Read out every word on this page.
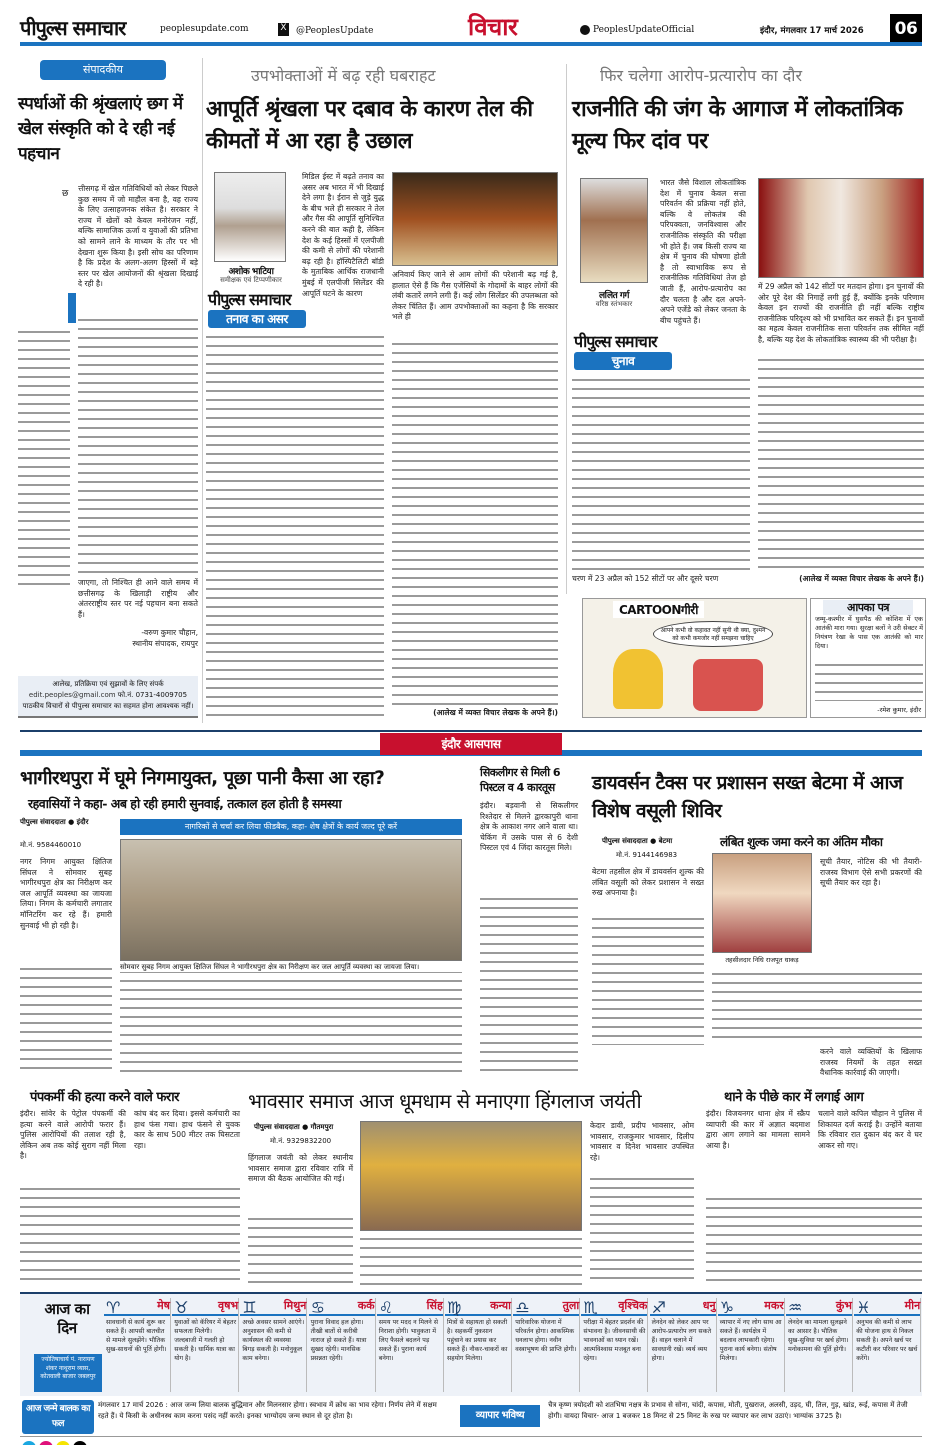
पीपुल्स समाचार	peoplesupdate.com	X @PeoplesUpdate	विचार	PeoplesUpdateOfficial	इंदौर, मंगलवार 17 मार्च 2026 06
संपादकीय
स्पर्धाओं की श्रृंखलाएं छग में खेल संस्कृति को दे रही नई पहचान
छ
त्तीसगढ़ में खेल गतिविधियों को लेकर पिछले कुछ समय में जो माहौल बना है, वह राज्य के लिए उत्साहजनक संकेत है। सरकार ने राज्य में खेलों को केवल मनोरंजन नहीं, बल्कि सामाजिक ऊर्जा व युवाओं की प्रतिभा को सामने लाने के माध्यम के तौर पर भी देखना शुरू किया है। इसी सोच का परिणाम है कि प्रदेश के अलग-अलग हिस्सों में बड़े स्तर पर खेल आयोजनों की श्रृंखला दिखाई दे रही है।
जाएगा, तो निश्चित ही आने वाले समय में छत्तीसगढ़ के खिलाड़ी राष्ट्रीय और अंतरराष्ट्रीय स्तर पर नई पहचान बना सकते हैं।
-वरुण कुमार चौहान,
स्थानीय संपादक, रायपुर
आलेख, प्रतिक्रिया एवं सुझावों के लिए संपर्क
edit.peoples@gmail.com फो.नं. 0731-4009705
पाठकीय विचारों से पीपुल्स समाचार का सहमत होना आवश्यक नहीं।
उपभोक्ताओं में बढ़ रही घबराहट
आपूर्ति श्रृंखला पर दबाव के कारण तेल की कीमतों में आ रहा है उछाल
अशोक भाटिया
समीक्षक एवं टिप्पणीकार
पीपुल्स समाचार
तनाव का असर
मिडिल ईस्ट में बढ़ते तनाव का असर अब भारत में भी दिखाई देने लगा है। ईरान से जुड़े युद्ध के बीच भले ही सरकार ने तेल और गैस की आपूर्ति सुनिश्चित करने की बात कही है, लेकिन देश के कई हिस्सों में एलपीजी की कमी से लोगों की परेशानी बढ़ रही है। हॉस्पिटैलिटी बॉडी के मुताबिक आर्थिक राजधानी मुंबई में एलपीजी सिलेंडर की आपूर्ति घटने के कारण
अनिवार्य किए जाने से आम लोगों की परेशानी बढ़ गई है, हालात ऐसे हैं कि गैस एजेंसियों के गोदामों के बाहर लोगों की लंबी कतारें लगने लगी हैं। कई लोग सिलेंडर की उपलब्धता को लेकर चिंतित हैं। आम उपभोक्ताओं का कहना है कि सरकार भले ही
(आलेख में व्यक्त विचार लेखक के अपने हैं।)
फिर चलेगा आरोप-प्रत्यारोप का दौर
राजनीति की जंग के आगाज में लोकतांत्रिक मूल्य फिर दांव पर
ललित गर्ग
वरिष्ठ स्तंभकार
पीपुल्स समाचार
चुनाव
भारत जैसे विशाल लोकतांत्रिक देश में चुनाव केवल सत्ता परिवर्तन की प्रक्रिया नहीं होते, बल्कि वे लोकतंत्र की परिपक्वता, जनविश्वास और राजनीतिक संस्कृति की परीक्षा भी होते हैं। जब किसी राज्य या क्षेत्र में चुनाव की घोषणा होती है तो स्वाभाविक रूप से राजनीतिक गतिविधियां तेज हो जाती हैं, आरोप-प्रत्यारोप का दौर चलता है और दल अपने-अपने एजेंडे को लेकर जनता के बीच पहुंचते हैं।
में 29 अप्रैल को 142 सीटों पर मतदान होगा। इन चुनावों की ओर पूरे देश की निगाहें लगी हुई हैं, क्योंकि इनके परिणाम केवल इन राज्यों की राजनीति ही नहीं बल्कि राष्ट्रीय राजनीतिक परिदृश्य को भी प्रभावित कर सकते हैं। इन चुनावों का महत्व केवल राजनीतिक सत्ता परिवर्तन तक सीमित नहीं है, बल्कि यह देश के लोकतांत्रिक स्वास्थ्य की भी परीक्षा है।
चरण में 23 अप्रैल को 152 सीटों पर और दूसरे चरण	(आलेख में व्यक्त विचार लेखक के अपने हैं।)
CARTOONगीरी
आपने कभी वो कहावत नहीं सुनी थी क्या, दुश्मन को कभी कमजोर नहीं समझना चाहिए
आपका पत्र
जम्मू-कश्मीर में घुसपैठ की कोशिश में एक आतंकी मारा गया। सुरक्षा बलों ने उरी सेक्टर में नियंत्रण रेखा के पास एक आतंकी को मार दिया।
-रमेश कुमार, इंदौर
इंदौर आसपास
भागीरथपुरा में घूमे निगमायुक्त, पूछा पानी कैसा आ रहा?
रहवासियों ने कहा- अब हो रही हमारी सुनवाई, तत्काल हल होती है समस्या
पीपुल्स संवाददाता ● इंदौर	नागरिकों से चर्चा कर लिया फीडबैक, कहा- शेष क्षेत्रों के कार्य जल्द पूरे करें
मो.नं. 9584460010
सोमवार सुबह निगम आयुक्त क्षितिज सिंघल ने भागीरथपुरा क्षेत्र का निरीक्षण कर जल आपूर्ति व्यवस्था का जायजा लिया।
नगर निगम आयुक्त क्षितिज सिंघल ने सोमवार सुबह भागीरथपुरा क्षेत्र का निरीक्षण कर जल आपूर्ति व्यवस्था का जायजा लिया। निगम के कर्मचारी लगातार मॉनिटरिंग कर रहे हैं। हमारी सुनवाई भी हो रही है।
सिकलीगर से मिली 6 पिस्टल व 4 कारतूस
इंदौर। बड़वानी से सिकलीगर रिश्तेदार से मिलने द्वारकापुरी थाना क्षेत्र के आकाश नगर आने वाला था। चेकिंग में उसके पास से 6 देशी पिस्टल एवं 4 जिंदा कारतूस मिले।
डायवर्सन टैक्स पर प्रशासन सख्त बेटमा में आज विशेष वसूली शिविर
पीपुल्स संवाददाता ● बेटमा
मो.नं. 9144146983
लंबित शुल्क जमा करने का अंतिम मौका
बेटमा तहसील क्षेत्र में डायवर्सन शुल्क की लंबित वसूली को लेकर प्रशासन ने सख्त रुख अपनाया है।
तहसीलदार निधि राजपूत धाकड़
सूची तैयार, नोटिस की भी तैयारी-राजस्व विभाग ऐसे सभी प्रकरणों की सूची तैयार कर रहा है।
करने वाले व्यक्तियों के खिलाफ राजस्व नियमों के तहत सख्त वैधानिक कार्रवाई की जाएगी।
पंपकर्मी की हत्या करने वाले फरार
इंदौर। सांवेर के पेट्रोल पंपकर्मी की हत्या करने वाले आरोपी फरार हैं। पुलिस आरोपियों की तलाश रही है, लेकिन अब तक कोई सुराग नहीं मिला है।
कांच बंद कर दिया। इससे कर्मचारी का हाथ फंस गया। हाथ फंसने से युवक कार के साथ 500 मीटर तक घिसटता रहा।
भावसार समाज आज धूमधाम से मनाएगा हिंगलाज जयंती
पीपुल्स संवाददाता ● गौतमपुरा
मो.नं. 9329832200
हिंगलाज जयंती को लेकर स्थानीय भावसार समाज द्वारा रविवार रात्रि में समाज की बैठक आयोजित की गई।
केदार डावी, प्रदीप भावसार, ओम भावसार, राजकुमार भावसार, दिलीप भावसार व दिनेश भावसार उपस्थित रहे।
थाने के पीछे कार में लगाई आग
इंदौर। विजयनगर थाना क्षेत्र में स्क्रैप व्यापारी की कार में अज्ञात बदमाश द्वारा आग लगाने का मामला सामने आया है।
चलाने वाले कपिल चौहान ने पुलिस में शिकायत दर्ज कराई है। उन्होंने बताया कि रविवार रात दुकान बंद कर वे घर आकर सो गए।
आज का दिन
ज्योतिषाचार्य पं. नारायण शंकर नाथूराम व्यास, कोतवाली बाजार जबलपुर
♈	मेष
सावधानी से कार्य शुरू कर सकते हैं। आपसी बातचीत से मामले सुलझेंगे। भौतिक सुख-साधनों की पूर्ति होगी।
♉	वृषभ
युवाओं को कॅरियर में बेहतर सफलता मिलेगी। जल्दबाजी में गलती हो सकती है। धार्मिक यात्रा का योग है।
♊	मिथुन
अच्छे अवसर सामने आएंगे। अनुशासन की कमी से कार्यस्थल की व्यवस्था बिगड़ सकती है। मनोनुकूल काम बनेगा।
♋	कर्क
पुराना विवाद हल होगा। तीखी बातों से करीबी नाराज हो सकते हैं। यात्रा सुखद रहेगी। मानसिक प्रसन्नता रहेगी।
♌	सिंह
समय पर मदद न मिलने से निराशा होगी। भावुकता में लिए फैसले बदलने पड़ सकते हैं। पुराना कार्य बनेगा।
♍	कन्या
मित्रों से सहायता हो सकती है। सहकर्मी नुकसान पहुंचाने का प्रयास कर सकते हैं। नौकर-चाकरों का सहयोग मिलेगा।
♎	तुला
पारिवारिक योजना में परिवर्तन होगा। आकस्मिक धनलाभ होगा। नवीन वस्त्राभूषण की प्राप्ति होगी।
♏	वृश्चिक
परीक्षा में बेहतर प्रदर्शन की संभावना है। जीवनसाथी की भावनाओं का ध्यान रखें। आत्मविश्वास मजबूत बना रहेगा।
♐	धनु
लेनदेन को लेकर आप पर आरोप-प्रत्यारोप लग सकते हैं। वाहन चलाने में सावधानी रखें। व्यर्थ व्यय होगा।
♑	मकर
व्यापार में नए लोग साथ आ सकते हैं। कार्यक्षेत्र में बदलाव लाभकारी रहेगा। पुराना कार्य बनेगा। संतोष मिलेगा।
♒	कुंभ
लेनदेन का मामला सुलझने का आसार है। भौतिक सुख-सुविधा पर खर्च होगा। मनोकामना की पूर्ति होगी।
♓	मीन
अनुभव की कमी से लाभ की योजना हाथ से निकल सकती है। अपने खर्च पर कटौती कर परिवार पर खर्च करेंगे।
आज जन्मे बालक का फल
मंगलवार 17 मार्च 2026 : आज जन्म लिया बालक बुद्धिमान और मिलनसार होगा। स्वभाव में क्रोध का भाव रहेगा। निर्णय लेने में सक्षम रहते हैं। ये किसी के अधीनस्थ काम करना पसंद नहीं करते। इनका भाग्योदय जन्म स्थान से दूर होता है।	व्यापार भविष्य
चैत्र कृष्ण त्रयोदशी को शतभिषा नक्षत्र के प्रभाव से सोना, चांदी, कपास, मोती, पुखराज, अलसी, उड़द, घी, तिल, गुड़, खांड, रूई, कपास में तेजी होगी। वायदा विचार- आज 1 बजकर 18 मिनट से 25 मिनट के रुख पर व्यापार कर लाभ उठाएं। भाग्यांक 3725 है।
